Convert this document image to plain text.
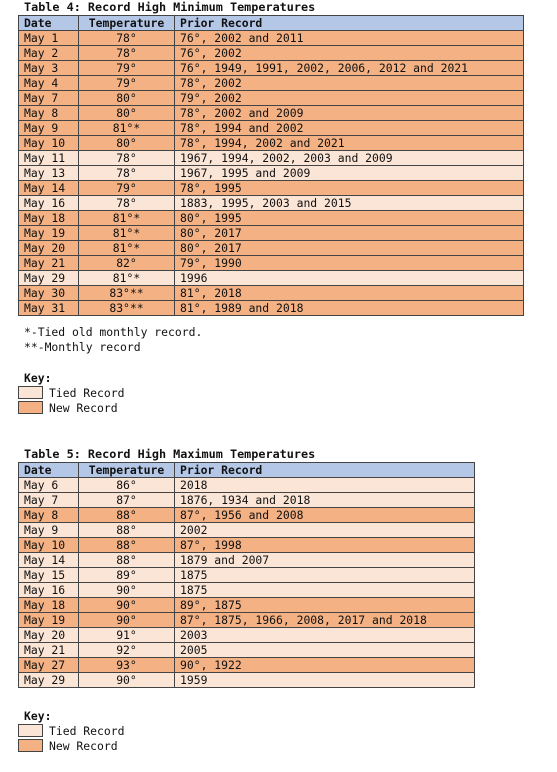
Table 4: Record High Minimum Temperatures
Date	Temperature	Prior Record
May 1	78°	76°, 2002 and 2011
May 2	78°	76°, 2002
May 3	79°	76°, 1949, 1991, 2002, 2006, 2012 and 2021
May 4	79°	78°, 2002
May 7	80°	79°, 2002
May 8	80°	78°, 2002 and 2009
May 9	81°*	78°, 1994 and 2002
May 10	80°	78°, 1994, 2002 and 2021
May 11	78°	1967, 1994, 2002, 2003 and 2009
May 13	78°	1967, 1995 and 2009
May 14	79°	78°, 1995
May 16	78°	1883, 1995, 2003 and 2015
May 18	81°*	80°, 1995
May 19	81°*	80°, 2017
May 20	81°*	80°, 2017
May 21	82°	79°, 1990
May 29	81°*	1996
May 30	83°**	81°, 2018
May 31	83°**	81°, 1989 and 2018
*-Tied old monthly record.
**-Monthly record
Key:
Tied Record
New Record
Table 5: Record High Maximum Temperatures
Date	Temperature	Prior Record
May 6	86°	2018
May 7	87°	1876, 1934 and 2018
May 8	88°	87°, 1956 and 2008
May 9	88°	2002
May 10	88°	87°, 1998
May 14	88°	1879 and 2007
May 15	89°	1875
May 16	90°	1875
May 18	90°	89°, 1875
May 19	90°	87°, 1875, 1966, 2008, 2017 and 2018
May 20	91°	2003
May 21	92°	2005
May 27	93°	90°, 1922
May 29	90°	1959
Key:
Tied Record
New Record
